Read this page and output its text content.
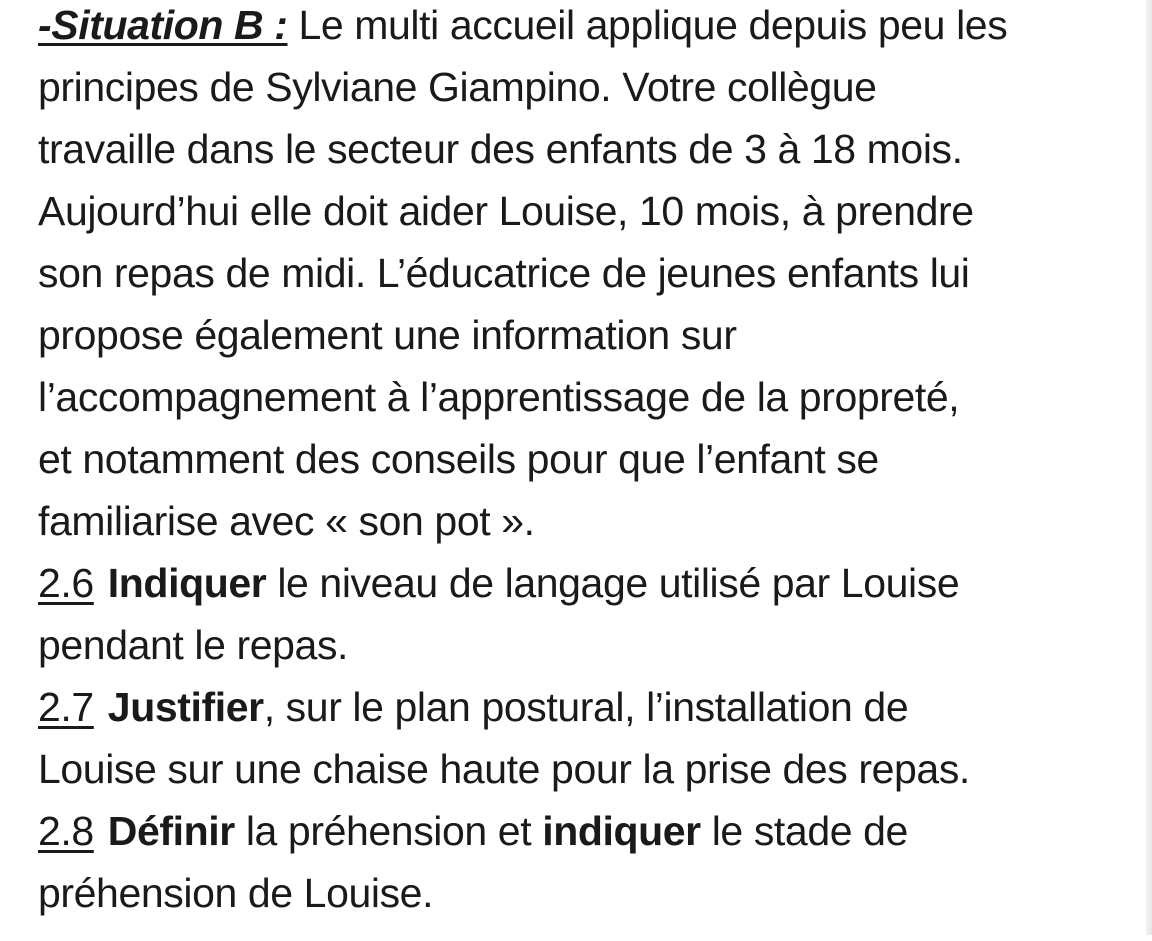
-Situation B : Le multi accueil applique depuis peu les
principes de Sylviane Giampino. Votre collègue
travaille dans le secteur des enfants de 3 à 18 mois.
Aujourd’hui elle doit aider Louise, 10 mois, à prendre
son repas de midi. L’éducatrice de jeunes enfants lui
propose également une information sur
l’accompagnement à l’apprentissage de la propreté,
et notamment des conseils pour que l’enfant se
familiarise avec « son pot ».
2.6 Indiquer le niveau de langage utilisé par Louise
pendant le repas.
2.7 Justifier, sur le plan postural, l’installation de
Louise sur une chaise haute pour la prise des repas.
2.8 Définir la préhension et indiquer le stade de
préhension de Louise.
